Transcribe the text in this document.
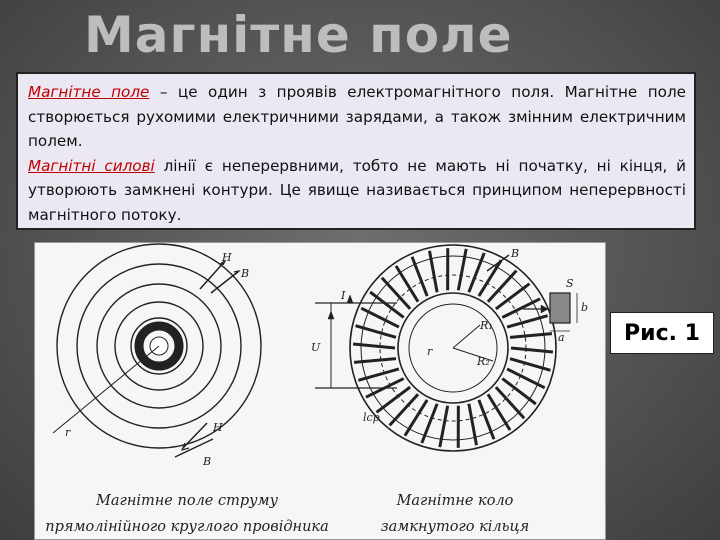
Магнітне поле

Магнітне поле – це один з проявів електромагнітного поля. Магнітне поле створюється рухомими електричними зарядами, а також змінним електричним полем.

Магнітні силові лінії є неперервними, тобто не мають ні початку, ні кінця, й утворюють замкнені контури. Це явище називається принципом неперервності магнітного потоку.

H
B
H
B
r
B
I
U
R₁
R₂
r
lср
S
a
b
Магнітне поле струму
прямолінійного круглого провідника
Магнітне коло
замкнутого кільця
Рис. 1
